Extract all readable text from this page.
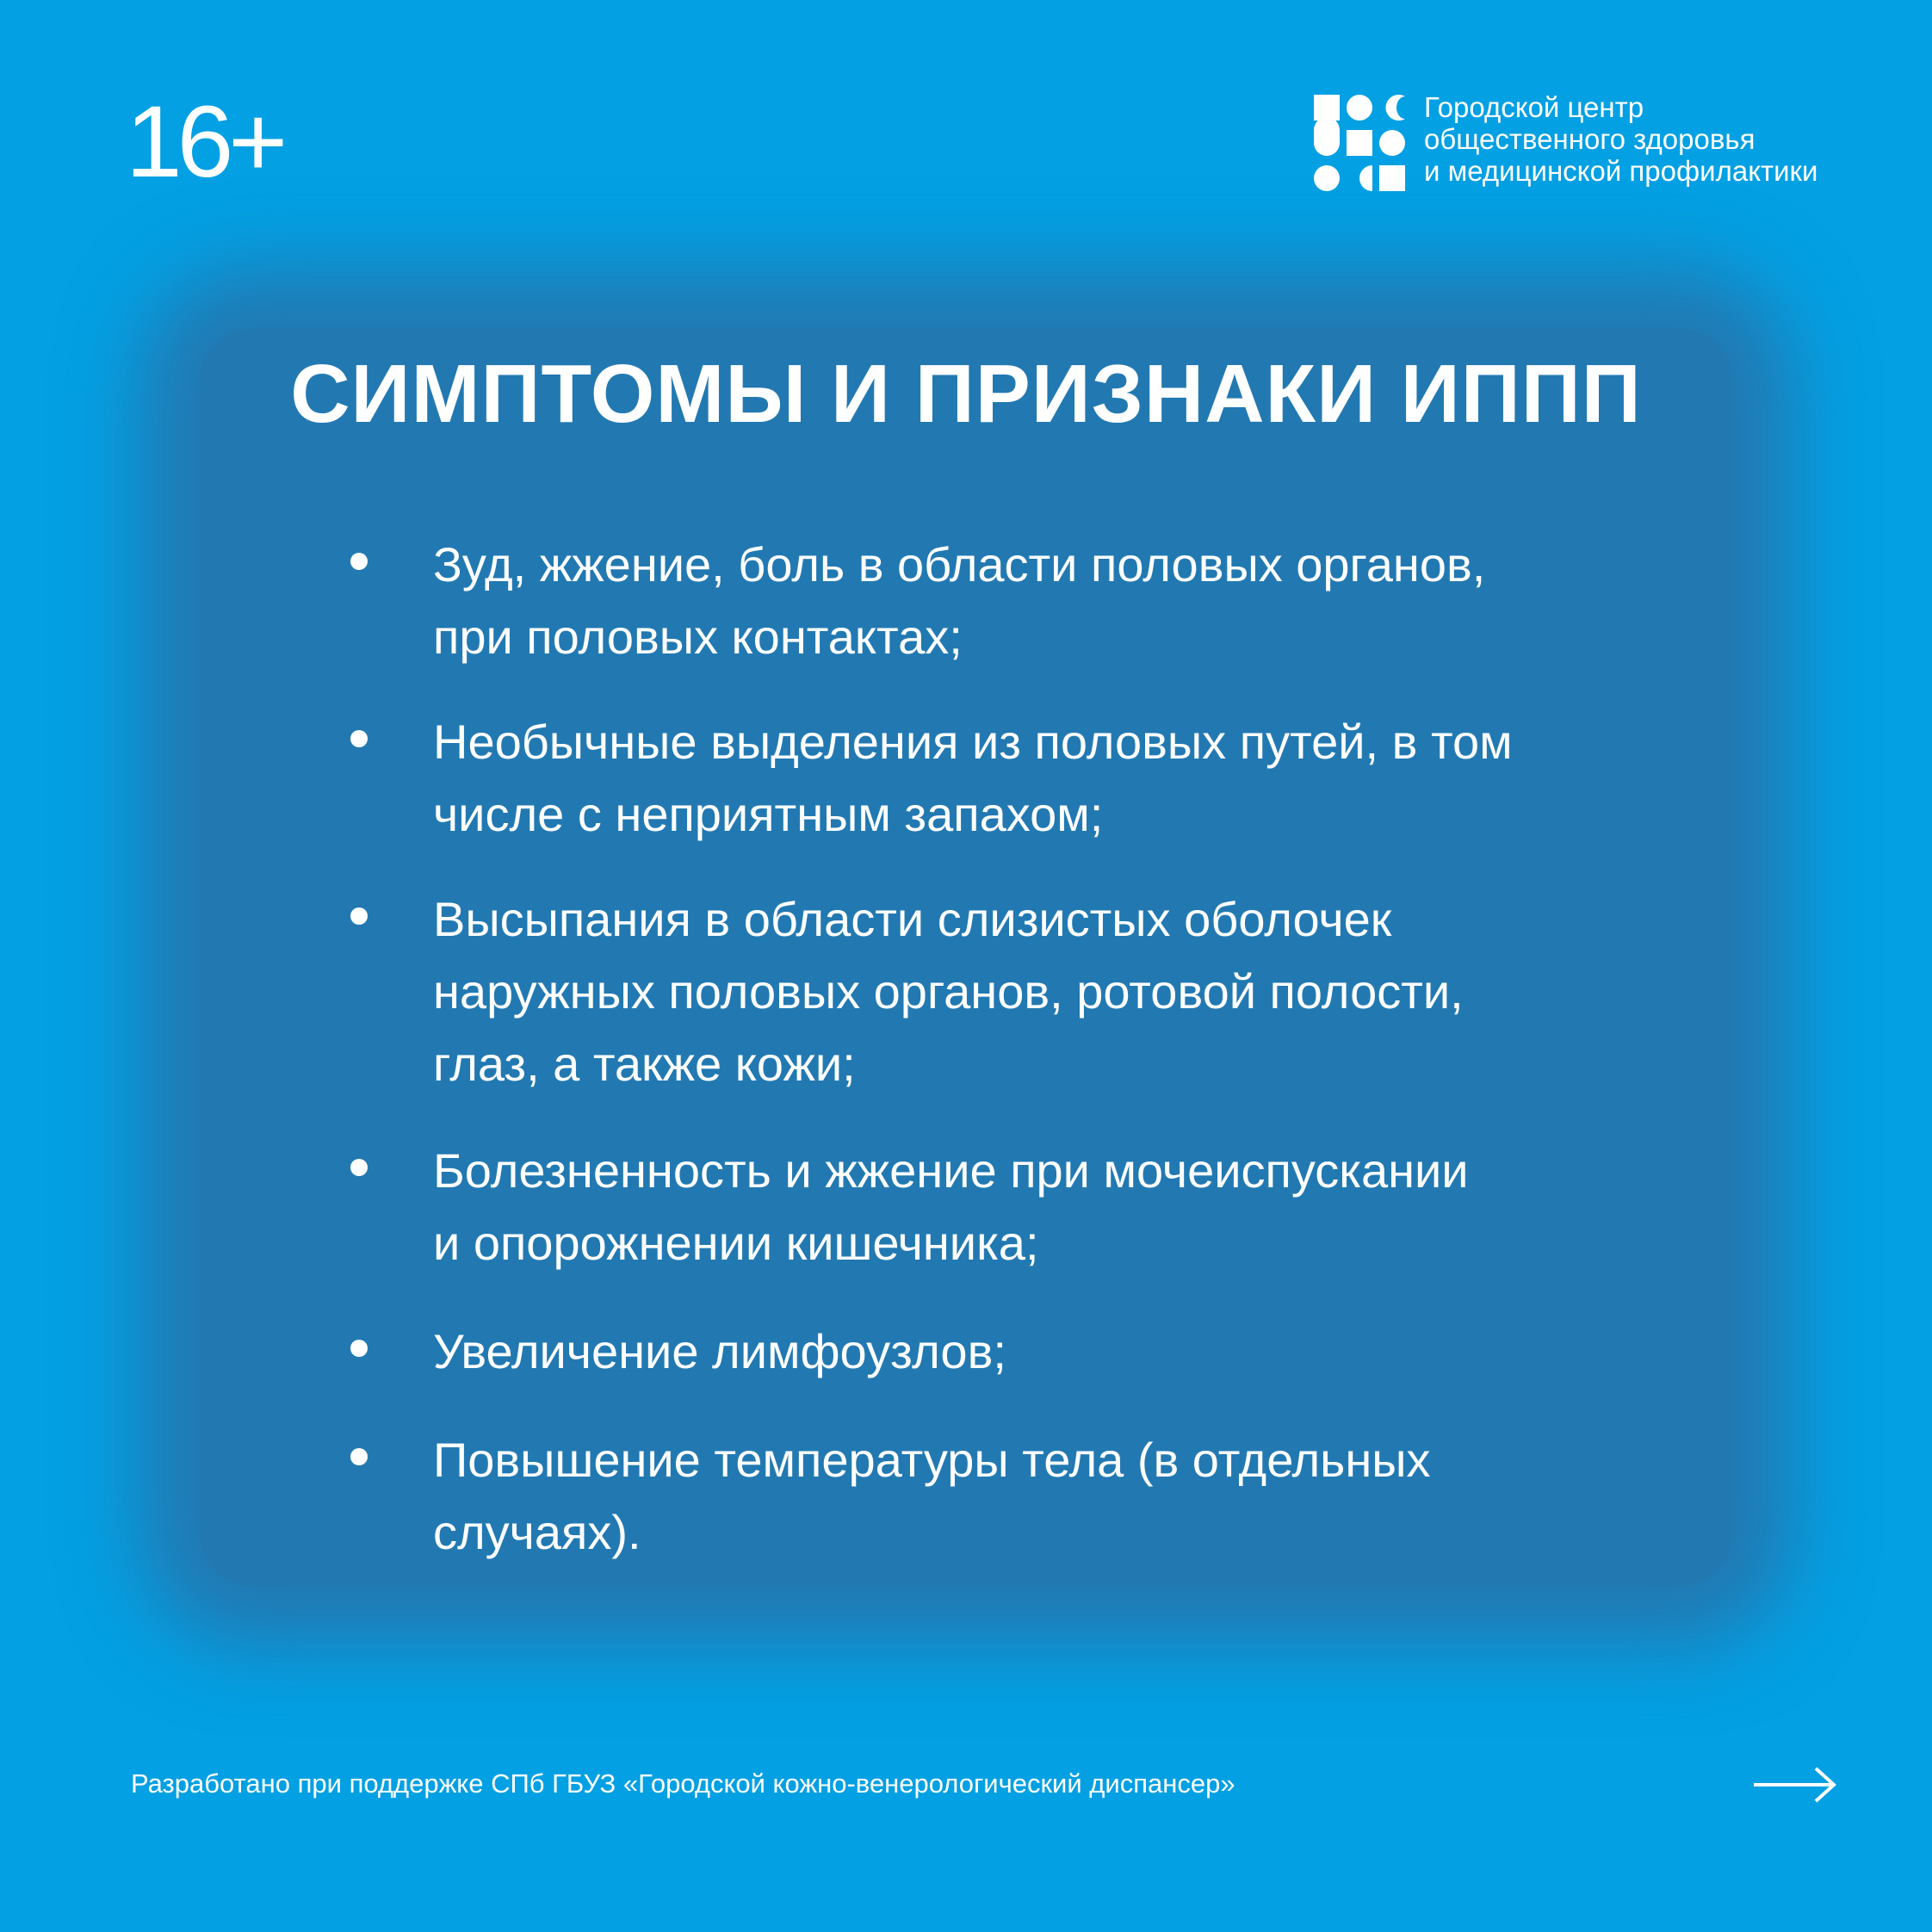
16+	Городской центр
общественного здоровья
и медицинской профилактики
СИМПТОМЫ И ПРИЗНАКИ ИППП
Зуд, жжение, боль в области половых органов,
при половых контактах;
Необычные выделения из половых путей, в том
числе с неприятным запахом;
Высыпания в области слизистых оболочек
наружных половых органов, ротовой полости,
глаз, а также кожи;
Болезненность и жжение при мочеиспускании
и опорожнении кишечника;
Увеличение лимфоузлов;
Повышение температуры тела (в отдельных
случаях).
Разработано при поддержке СПб ГБУЗ «Городской кожно-венерологический диспансер»
